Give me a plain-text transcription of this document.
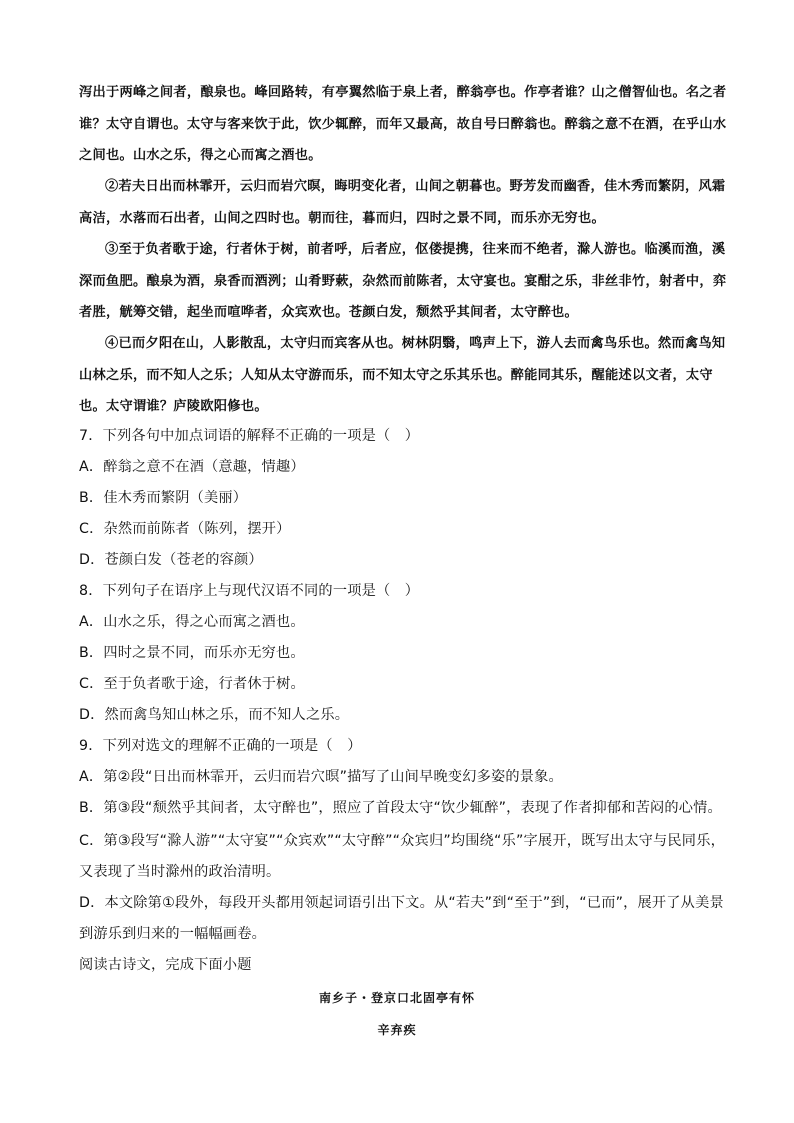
泻出于两峰之间者，酿泉也。峰回路转，有亭翼然临于泉上者，醉翁亭也。作亭者谁？山之僧智仙也。名之者谁？太守自谓也。太守与客来饮于此，饮少辄醉，而年又最高，故自号曰醉翁也。醉翁之意不在酒，在乎山水之间也。山水之乐，得之心而寓之酒也。
②若夫日出而林霏开，云归而岩穴暝，晦明变化者，山间之朝暮也。野芳发而幽香，佳木秀而繁阴，风霜高洁，水落而石出者，山间之四时也。朝而往，暮而归，四时之景不同，而乐亦无穷也。
③至于负者歌于途，行者休于树，前者呼，后者应，伛偻提携，往来而不绝者，滁人游也。临溪而渔，溪深而鱼肥。酿泉为酒，泉香而酒洌；山肴野蔌，杂然而前陈者，太守宴也。宴酣之乐，非丝非竹，射者中，弈者胜，觥筹交错，起坐而喧哗者，众宾欢也。苍颜白发，颓然乎其间者，太守醉也。
④已而夕阳在山，人影散乱，太守归而宾客从也。树林阴翳，鸣声上下，游人去而禽鸟乐也。然而禽鸟知山林之乐，而不知人之乐；人知从太守游而乐，而不知太守之乐其乐也。醉能同其乐，醒能述以文者，太守也。太守谓谁？庐陵欧阳修也。
7．下列各句中加点词语的解释不正确的一项是（　）
A．醉翁之意不在酒（意趣，情趣）
B．佳木秀而繁阴（美丽）
C．杂然而前陈者（陈列，摆开）
D．苍颜白发（苍老的容颜）
8．下列句子在语序上与现代汉语不同的一项是（　）
A．山水之乐，得之心而寓之酒也。
B．四时之景不同，而乐亦无穷也。
C．至于负者歌于途，行者休于树。
D．然而禽鸟知山林之乐，而不知人之乐。
9．下列对选文的理解不正确的一项是（　）
A．第②段“日出而林霏开，云归而岩穴暝”描写了山间早晚变幻多姿的景象。
B．第③段“颓然乎其间者，太守醉也”，照应了首段太守“饮少辄醉”，表现了作者抑郁和苦闷的心情。
C．第③段写“滁人游”“太守宴”“众宾欢”“太守醉”“众宾归”均围绕“乐”字展开，既写出太守与民同乐，又表现了当时滁州的政治清明。
D．本文除第①段外，每段开头都用领起词语引出下文。从“若夫”到“至于”到，“已而”，展开了从美景到游乐到归来的一幅幅画卷。
阅读古诗文，完成下面小题
南乡子・登京口北固亭有怀
辛弃疾
